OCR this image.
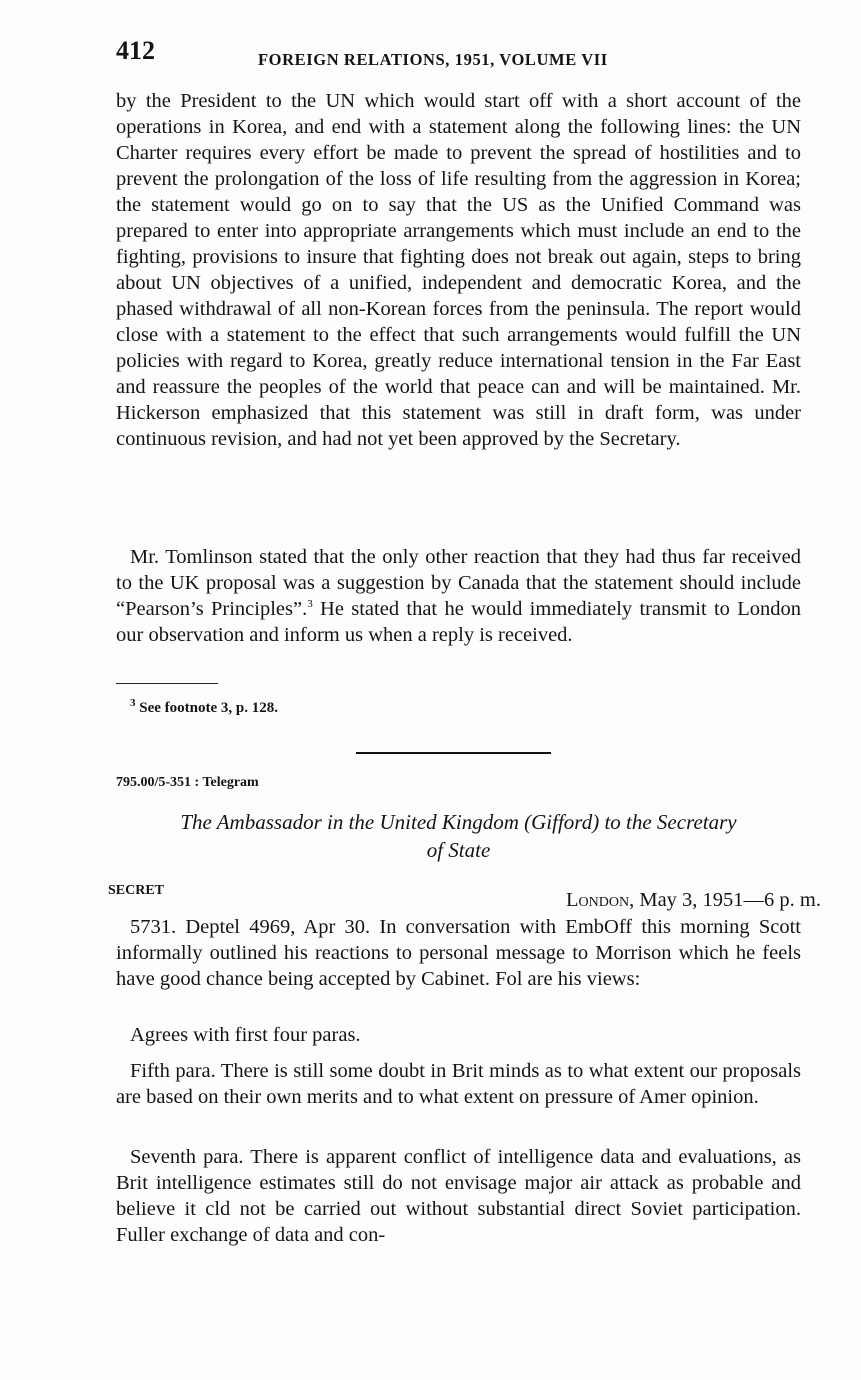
412	FOREIGN RELATIONS, 1951, VOLUME VII

by the President to the UN which would start off with a short account of the operations in Korea, and end with a statement along the following lines: the UN Charter requires every effort be made to prevent the spread of hostilities and to prevent the prolongation of the loss of life resulting from the aggression in Korea; the statement would go on to say that the US as the Unified Command was prepared to enter into appropriate arrangements which must include an end to the fighting, provisions to insure that fighting does not break out again, steps to bring about UN objectives of a unified, independent and democratic Korea, and the phased withdrawal of all non-Korean forces from the peninsula. The report would close with a statement to the effect that such arrangements would fulfill the UN policies with regard to Korea, greatly reduce international tension in the Far East and reassure the peoples of the world that peace can and will be maintained. Mr. Hickerson emphasized that this statement was still in draft form, was under continuous revision, and had not yet been approved by the Secretary.

Mr. Tomlinson stated that the only other reaction that they had thus far received to the UK proposal was a suggestion by Canada that the statement should include “Pearson’s Principles”.$^3$ He stated that he would immediately transmit to London our observation and inform us when a reply is received.

$^3$ See footnote 3, p. 128.
795.00/5-351 : Telegram

The Ambassador in the United Kingdom (Gifford) to the Secretary
of State

SECRET	London, May 3, 1951—6 p. m.

5731. Deptel 4969, Apr 30. In conversation with EmbOff this morning Scott informally outlined his reactions to personal message to Morrison which he feels have good chance being accepted by Cabinet. Fol are his views:

Agrees with first four paras.

Fifth para. There is still some doubt in Brit minds as to what extent our proposals are based on their own merits and to what extent on pressure of Amer opinion.

Seventh para. There is apparent conflict of intelligence data and evaluations, as Brit intelligence estimates still do not envisage major air attack as probable and believe it cld not be carried out without substantial direct Soviet participation. Fuller exchange of data and con-
